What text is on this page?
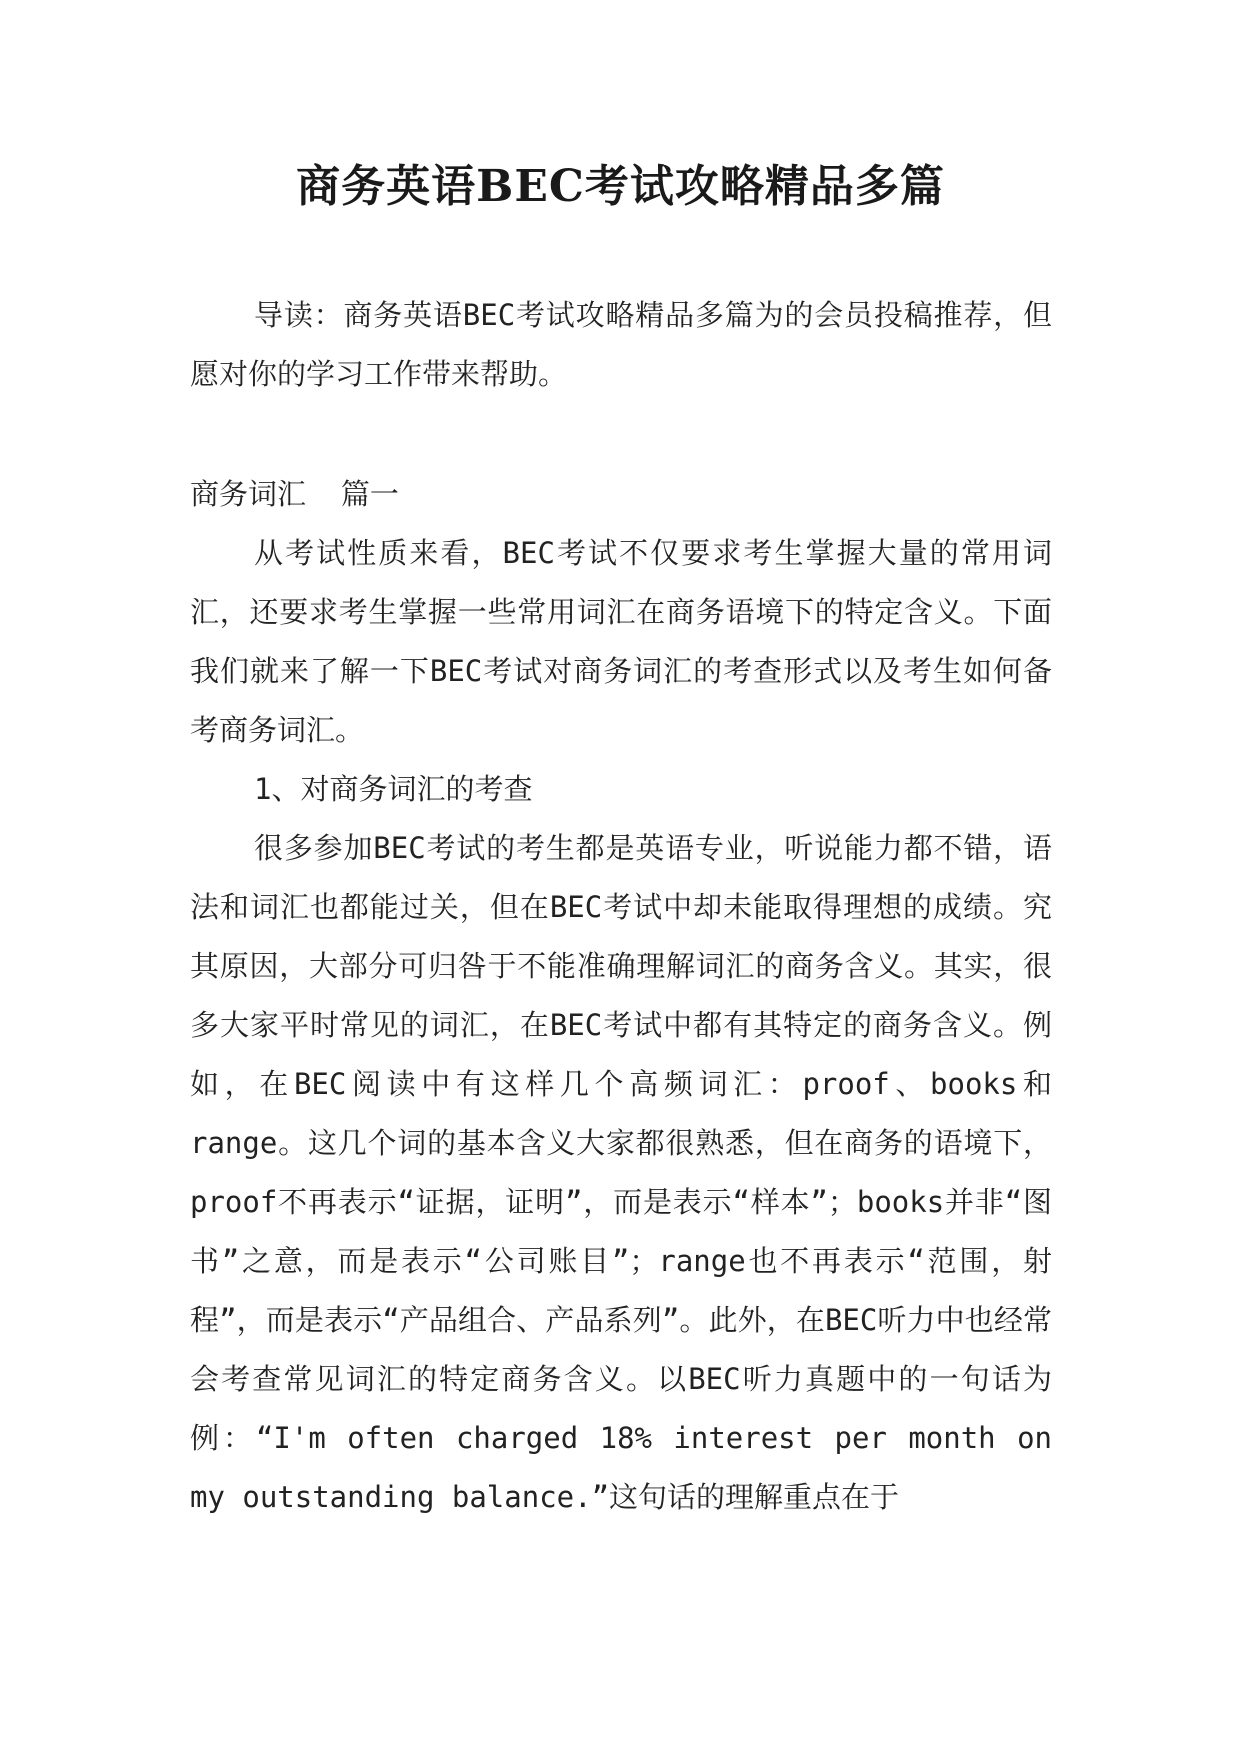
商务英语BEC考试攻略精品多篇

导读：商务英语BEC考试攻略精品多篇为的会员投稿推荐，但愿对你的学习工作带来帮助。

商务词汇  篇一

从考试性质来看，BEC考试不仅要求考生掌握大量的常用词汇，还要求考生掌握一些常用词汇在商务语境下的特定含义。下面我们就来了解一下BEC考试对商务词汇的考查形式以及考生如何备考商务词汇。

1、对商务词汇的考查

很多参加BEC考试的考生都是英语专业，听说能力都不错，语法和词汇也都能过关，但在BEC考试中却未能取得理想的成绩。究其原因，大部分可归咎于不能准确理解词汇的商务含义。其实，很多大家平时常见的词汇，在BEC考试中都有其特定的商务含义。例如，在BEC阅读中有这样几个高频词汇：proof、books和range。这几个词的基本含义大家都很熟悉，但在商务的语境下，proof不再表示“证据，证明”，而是表示“样本”；books并非“图书”之意，而是表示“公司账目”；range也不再表示“范围，射程”，而是表示“产品组合、产品系列”。此外，在BEC听力中也经常会考查常见词汇的特定商务含义。以BEC听力真题中的一句话为例：“I'm often charged 18% interest per month on my outstanding balance.”这句话的理解重点在于
